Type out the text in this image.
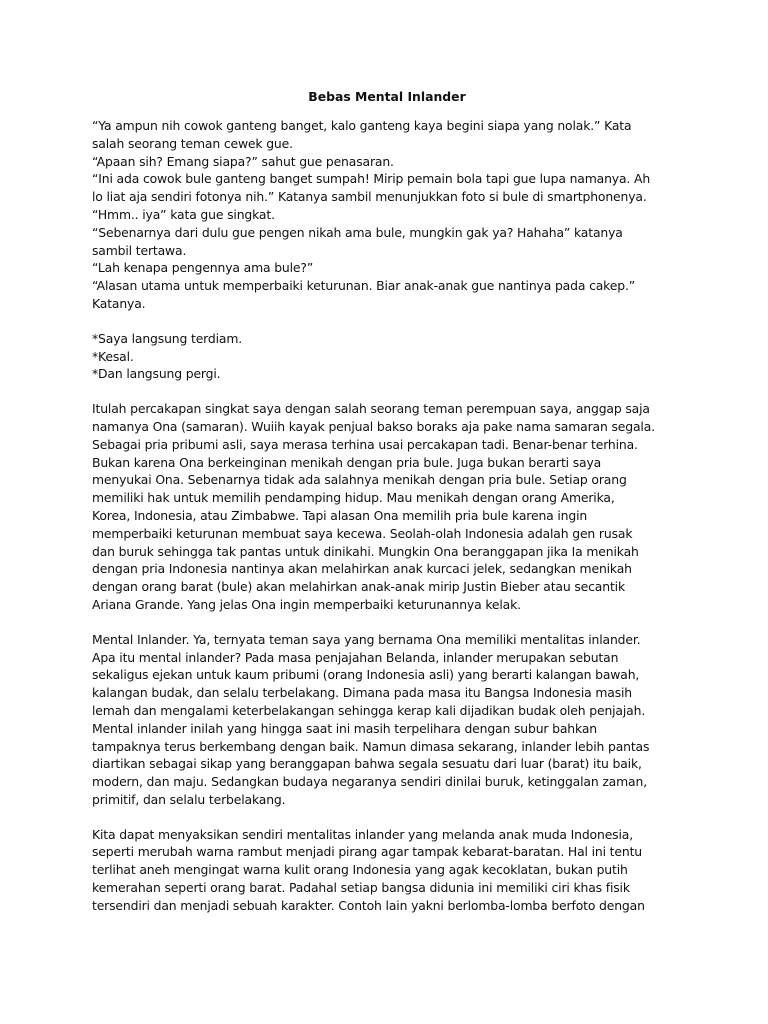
Bebas Mental Inlander
“Ya ampun nih cowok ganteng banget, kalo ganteng kaya begini siapa yang nolak.” Kata
salah seorang teman cewek gue.
“Apaan sih? Emang siapa?” sahut gue penasaran.
“Ini ada cowok bule ganteng banget sumpah! Mirip pemain bola tapi gue lupa namanya. Ah
lo liat aja sendiri fotonya nih.” Katanya sambil menunjukkan foto si bule di smartphonenya.
“Hmm.. iya” kata gue singkat.
“Sebenarnya dari dulu gue pengen nikah ama bule, mungkin gak ya? Hahaha” katanya
sambil tertawa.
“Lah kenapa pengennya ama bule?”
“Alasan utama untuk memperbaiki keturunan. Biar anak-anak gue nantinya pada cakep.”
Katanya.
*Saya langsung terdiam.
*Kesal.
*Dan langsung pergi.
Itulah percakapan singkat saya dengan salah seorang teman perempuan saya, anggap saja
namanya Ona (samaran). Wuiih kayak penjual bakso boraks aja pake nama samaran segala.
Sebagai pria pribumi asli, saya merasa terhina usai percakapan tadi. Benar-benar terhina.
Bukan karena Ona berkeinginan menikah dengan pria bule. Juga bukan berarti saya
menyukai Ona. Sebenarnya tidak ada salahnya menikah dengan pria bule. Setiap orang
memiliki hak untuk memilih pendamping hidup. Mau menikah dengan orang Amerika,
Korea, Indonesia, atau Zimbabwe. Tapi alasan Ona memilih pria bule karena ingin
memperbaiki keturunan membuat saya kecewa. Seolah-olah Indonesia adalah gen rusak
dan buruk sehingga tak pantas untuk dinikahi. Mungkin Ona beranggapan jika Ia menikah
dengan pria Indonesia nantinya akan melahirkan anak kurcaci jelek, sedangkan menikah
dengan orang barat (bule) akan melahirkan anak-anak mirip Justin Bieber atau secantik
Ariana Grande. Yang jelas Ona ingin memperbaiki keturunannya kelak.
Mental Inlander. Ya, ternyata teman saya yang bernama Ona memiliki mentalitas inlander.
Apa itu mental inlander? Pada masa penjajahan Belanda, inlander merupakan sebutan
sekaligus ejekan untuk kaum pribumi (orang Indonesia asli) yang berarti kalangan bawah,
kalangan budak, dan selalu terbelakang. Dimana pada masa itu Bangsa Indonesia masih
lemah dan mengalami keterbelakangan sehingga kerap kali dijadikan budak oleh penjajah.
Mental inlander inilah yang hingga saat ini masih terpelihara dengan subur bahkan
tampaknya terus berkembang dengan baik. Namun dimasa sekarang, inlander lebih pantas
diartikan sebagai sikap yang beranggapan bahwa segala sesuatu dari luar (barat) itu baik,
modern, dan maju. Sedangkan budaya negaranya sendiri dinilai buruk, ketinggalan zaman,
primitif, dan selalu terbelakang.
Kita dapat menyaksikan sendiri mentalitas inlander yang melanda anak muda Indonesia,
seperti merubah warna rambut menjadi pirang agar tampak kebarat-baratan. Hal ini tentu
terlihat aneh mengingat warna kulit orang Indonesia yang agak kecoklatan, bukan putih
kemerahan seperti orang barat. Padahal setiap bangsa didunia ini memiliki ciri khas fisik
tersendiri dan menjadi sebuah karakter. Contoh lain yakni berlomba-lomba berfoto dengan
